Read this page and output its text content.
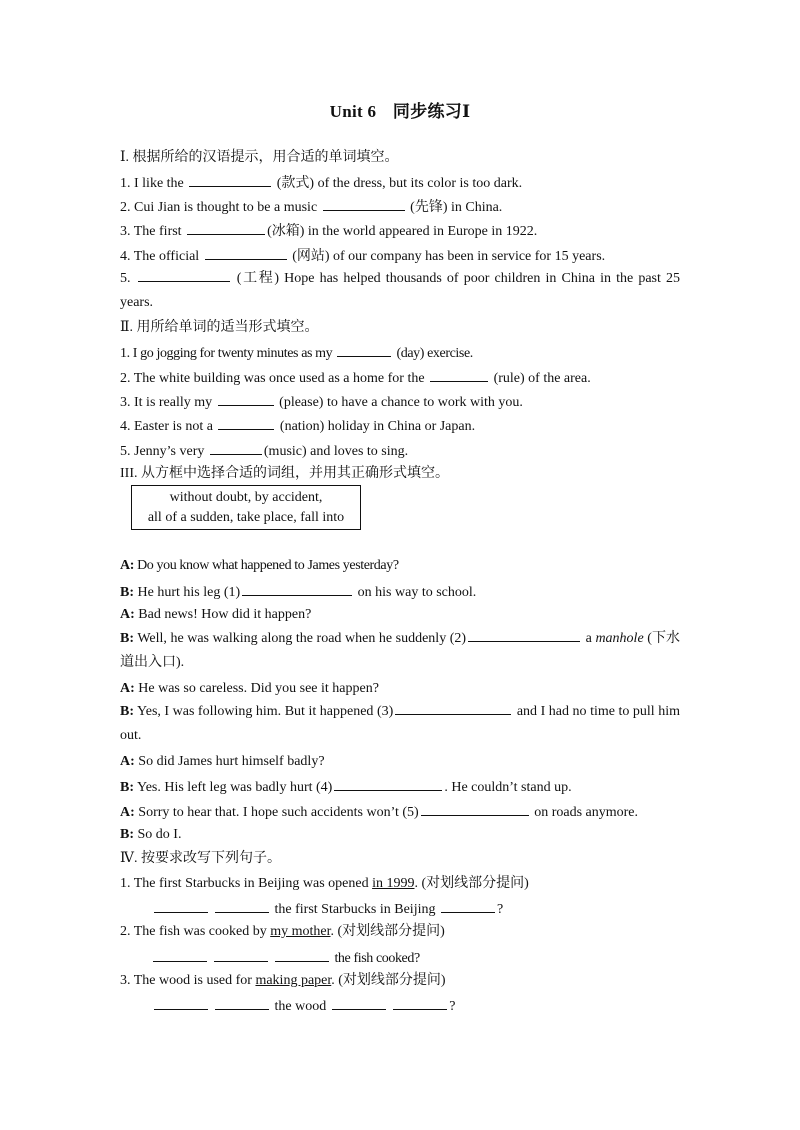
Unit 6 同步练习Ⅰ
Ⅰ. 根据所给的汉语提示，用合适的单词填空。
1. I like the	(款式) of the dress, but its color is too dark.
2. Cui Jian is thought to be a music	(先锋) in China.
3. The first	(冰箱) in the world appeared in Europe in 1922.
4. The official	(网站) of our company has been in service for 15 years.
5.	(工程) Hope has helped thousands of poor children in China in the past 25 years.
Ⅱ. 用所给单词的适当形式填空。
1. I go jogging for twenty minutes as my	(day) exercise.
2. The white building was once used as a home for the	(rule) of the area.
3. It is really my	(please) to have a chance to work with you.
4. Easter is not a	(nation) holiday in China or Japan.
5. Jenny’s very	(music) and loves to sing.
III. 从方框中选择合适的词组，并用其正确形式填空。
without doubt, by accident,
all of a sudden, take place, fall into
A: Do you know what happened to James yesterday?
B: He hurt his leg (1)	on his way to school.
A: Bad news! How did it happen?
B: Well, he was walking along the road when he suddenly (2)	a manhole (下水道出入口).
A: He was so careless. Did you see it happen?
B: Yes, I was following him. But it happened (3)	and I had no time to pull him out.
A: So did James hurt himself badly?
B: Yes. His left leg was badly hurt (4)	. He couldn’t stand up.
A: Sorry to hear that. I hope such accidents won’t (5)	on roads anymore.
B: So do I.
Ⅳ. 按要求改写下列句子。
1. The first Starbucks in Beijing was opened in 1999. (对划线部分提问)
the first Starbucks in Beijing	?
2. The fish was cooked by my mother. (对划线部分提问)
the fish cooked?
3. The wood is used for making paper. (对划线部分提问)
the wood	?
